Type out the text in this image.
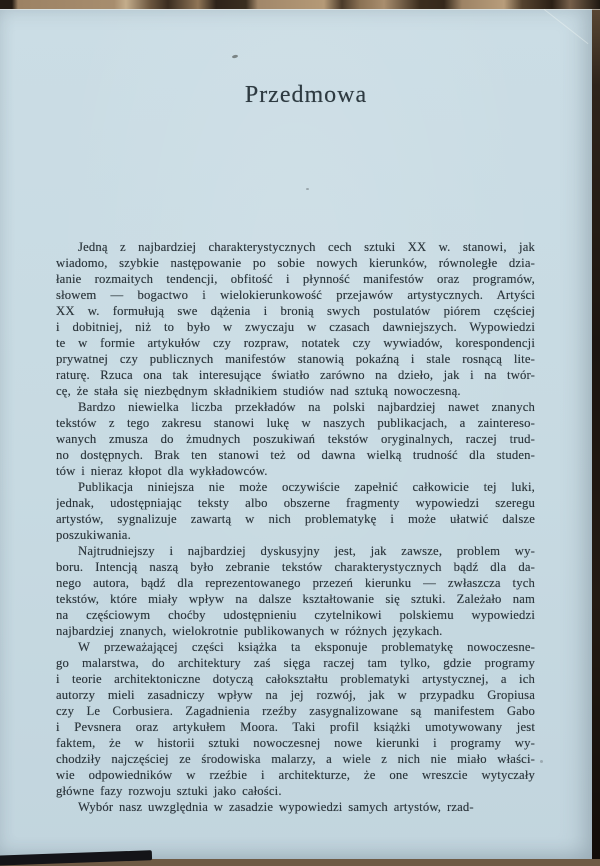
Przedmowa
Jedną z najbardziej charakterystycznych cech sztuki XX w. stanowi, jak
wiadomo, szybkie następowanie po sobie nowych kierunków, równoległe dzia-
łanie rozmaitych tendencji, obfitość i płynność manifestów oraz programów,
słowem — bogactwo i wielokierunkowość przejawów artystycznych. Artyści
XX w. formułują swe dążenia i bronią swych postulatów piórem częściej
i dobitniej, niż to było w zwyczaju w czasach dawniejszych. Wypowiedzi
te w formie artykułów czy rozpraw, notatek czy wywiadów, korespondencji
prywatnej czy publicznych manifestów stanowią pokaźną i stale rosnącą lite-
raturę. Rzuca ona tak interesujące światło zarówno na dzieło, jak i na twór-
cę, że stała się niezbędnym składnikiem studiów nad sztuką nowoczesną.
Bardzo niewielka liczba przekładów na polski najbardziej nawet znanych
tekstów z tego zakresu stanowi lukę w naszych publikacjach, a zaintereso-
wanych zmusza do żmudnych poszukiwań tekstów oryginalnych, raczej trud-
no dostępnych. Brak ten stanowi też od dawna wielką trudność dla studen-
tów i nieraz kłopot dla wykładowców.
Publikacja niniejsza nie może oczywiście zapełnić całkowicie tej luki,
jednak, udostępniając teksty albo obszerne fragmenty wypowiedzi szeregu
artystów, sygnalizuje zawartą w nich problematykę i może ułatwić dalsze
poszukiwania.
Najtrudniejszy i najbardziej dyskusyjny jest, jak zawsze, problem wy-
boru. Intencją naszą było zebranie tekstów charakterystycznych bądź dla da-
nego autora, bądź dla reprezentowanego przezeń kierunku — zwłaszcza tych
tekstów, które miały wpływ na dalsze kształtowanie się sztuki. Zależało nam
na częściowym choćby udostępnieniu czytelnikowi polskiemu wypowiedzi
najbardziej znanych, wielokrotnie publikowanych w różnych językach.
W przeważającej części książka ta eksponuje problematykę nowoczesne-
go malarstwa, do architektury zaś sięga raczej tam tylko, gdzie programy
i teorie architektoniczne dotyczą całokształtu problematyki artystycznej, a ich
autorzy mieli zasadniczy wpływ na jej rozwój, jak w przypadku Gropiusa
czy Le Corbusiera. Zagadnienia rzeźby zasygnalizowane są manifestem Gabo
i Pevsnera oraz artykułem Moora. Taki profil książki umotywowany jest
faktem, że w historii sztuki nowoczesnej nowe kierunki i programy wy-
chodziły najczęściej ze środowiska malarzy, a wiele z nich nie miało właści-
wie odpowiedników w rzeźbie i architekturze, że one wreszcie wytyczały
główne fazy rozwoju sztuki jako całości.
Wybór nasz uwzględnia w zasadzie wypowiedzi samych artystów, rzad-
